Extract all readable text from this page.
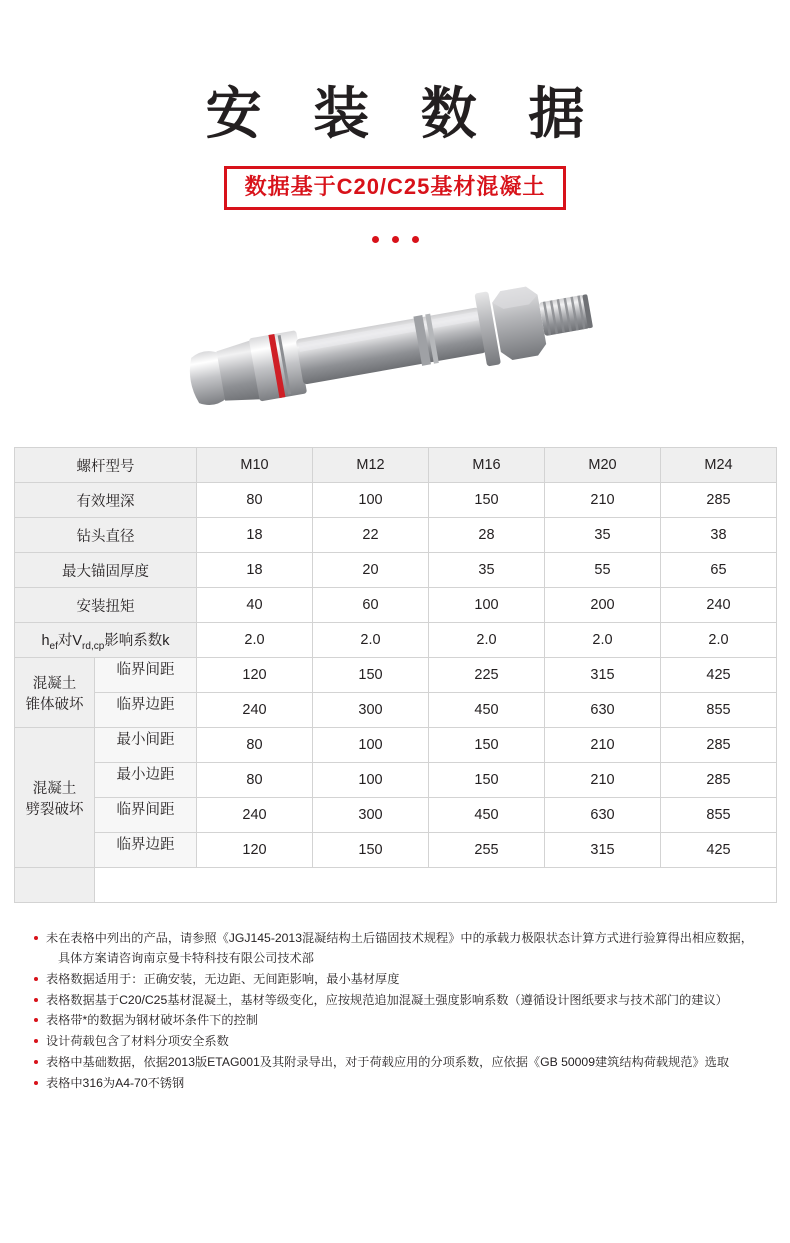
安 装 数 据
数据基于C20/C25基材混凝土
螺杆型号		M10	M12	M16	M20	M24
有效埋深		80	100	150	210	285
钻头直径		18	22	28	35	38
最大锚固厚度		18	20	35	55	65
安装扭矩		40	60	100	200	240
$h_{ef}$对$V_{rd,cp}$影响系数k		2.0	2.0	2.0	2.0	2.0

混凝土
锥体破坏	临界间距	120	150	225	315	425
	临界边距	240	300	450	630	855

混凝土
劈裂破坏	最小间距	80	100	150	210	285
	最小边距	80	100	150	210	285
	临界间距	240	300	450	630	855
	临界边距	120	150	255	315	425

未在表格中列出的产品，请参照《JGJ145-2013混凝结构土后锚固技术规程》中的承载力极限状态计算方式进行验算得出相应数据，
具体方案请咨询南京曼卡特科技有限公司技术部
表格数据适用于：正确安装，无边距、无间距影响，最小基材厚度
表格数据基于C20/C25基材混凝土，基材等级变化，应按规范追加混凝土强度影响系数（遵循设计图纸要求与技术部门的建议）
表格带*的数据为钢材破坏条件下的控制
设计荷载包含了材料分项安全系数
表格中基础数据，依据2013版ETAG001及其附录导出，对于荷载应用的分项系数，应依据《GB 50009建筑结构荷载规范》选取
表格中316为A4-70不锈钢
